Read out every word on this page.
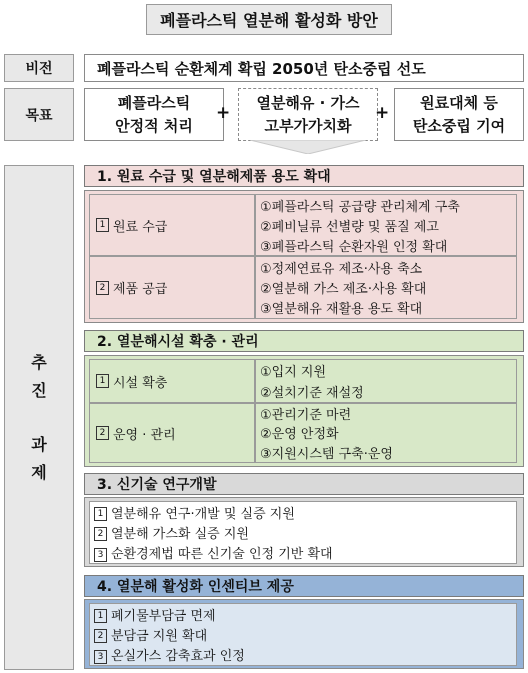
폐플라스틱 열분해 활성화 방안
비전	폐플라스틱 순환체계 확립 2050년 탄소중립 선도
목표
폐플라스틱
안정적 처리
+
열분해유 · 가스
고부가가치화
+
원료대체 등
탄소중립 기여
추
진
과
제
1. 원료 수급 및 열분해제품 용도 확대
1 원료 수급
①폐플라스틱 공급량 관리체계 구축
②폐비닐류 선별량 및 품질 제고
③폐플라스틱 순환자원 인정 확대
2 제품 공급
①정제연료유 제조·사용 축소
②열분해 가스 제조·사용 확대
③열분해유 재활용 용도 확대
2. 열분해시설 확충 · 관리
1 시설 확충
①입지 지원
②설치기준 재설정
2 운영 · 관리
①관리기준 마련
②운영 안정화
③지원시스템 구축·운영
3. 신기술 연구개발
1 열분해유 연구·개발 및 실증 지원
2 열분해 가스화 실증 지원
3 순환경제법 따른 신기술 인정 기반 확대
4. 열분해 활성화 인센티브 제공
1 폐기물부담금 면제
2 분담금 지원 확대
3 온실가스 감축효과 인정
